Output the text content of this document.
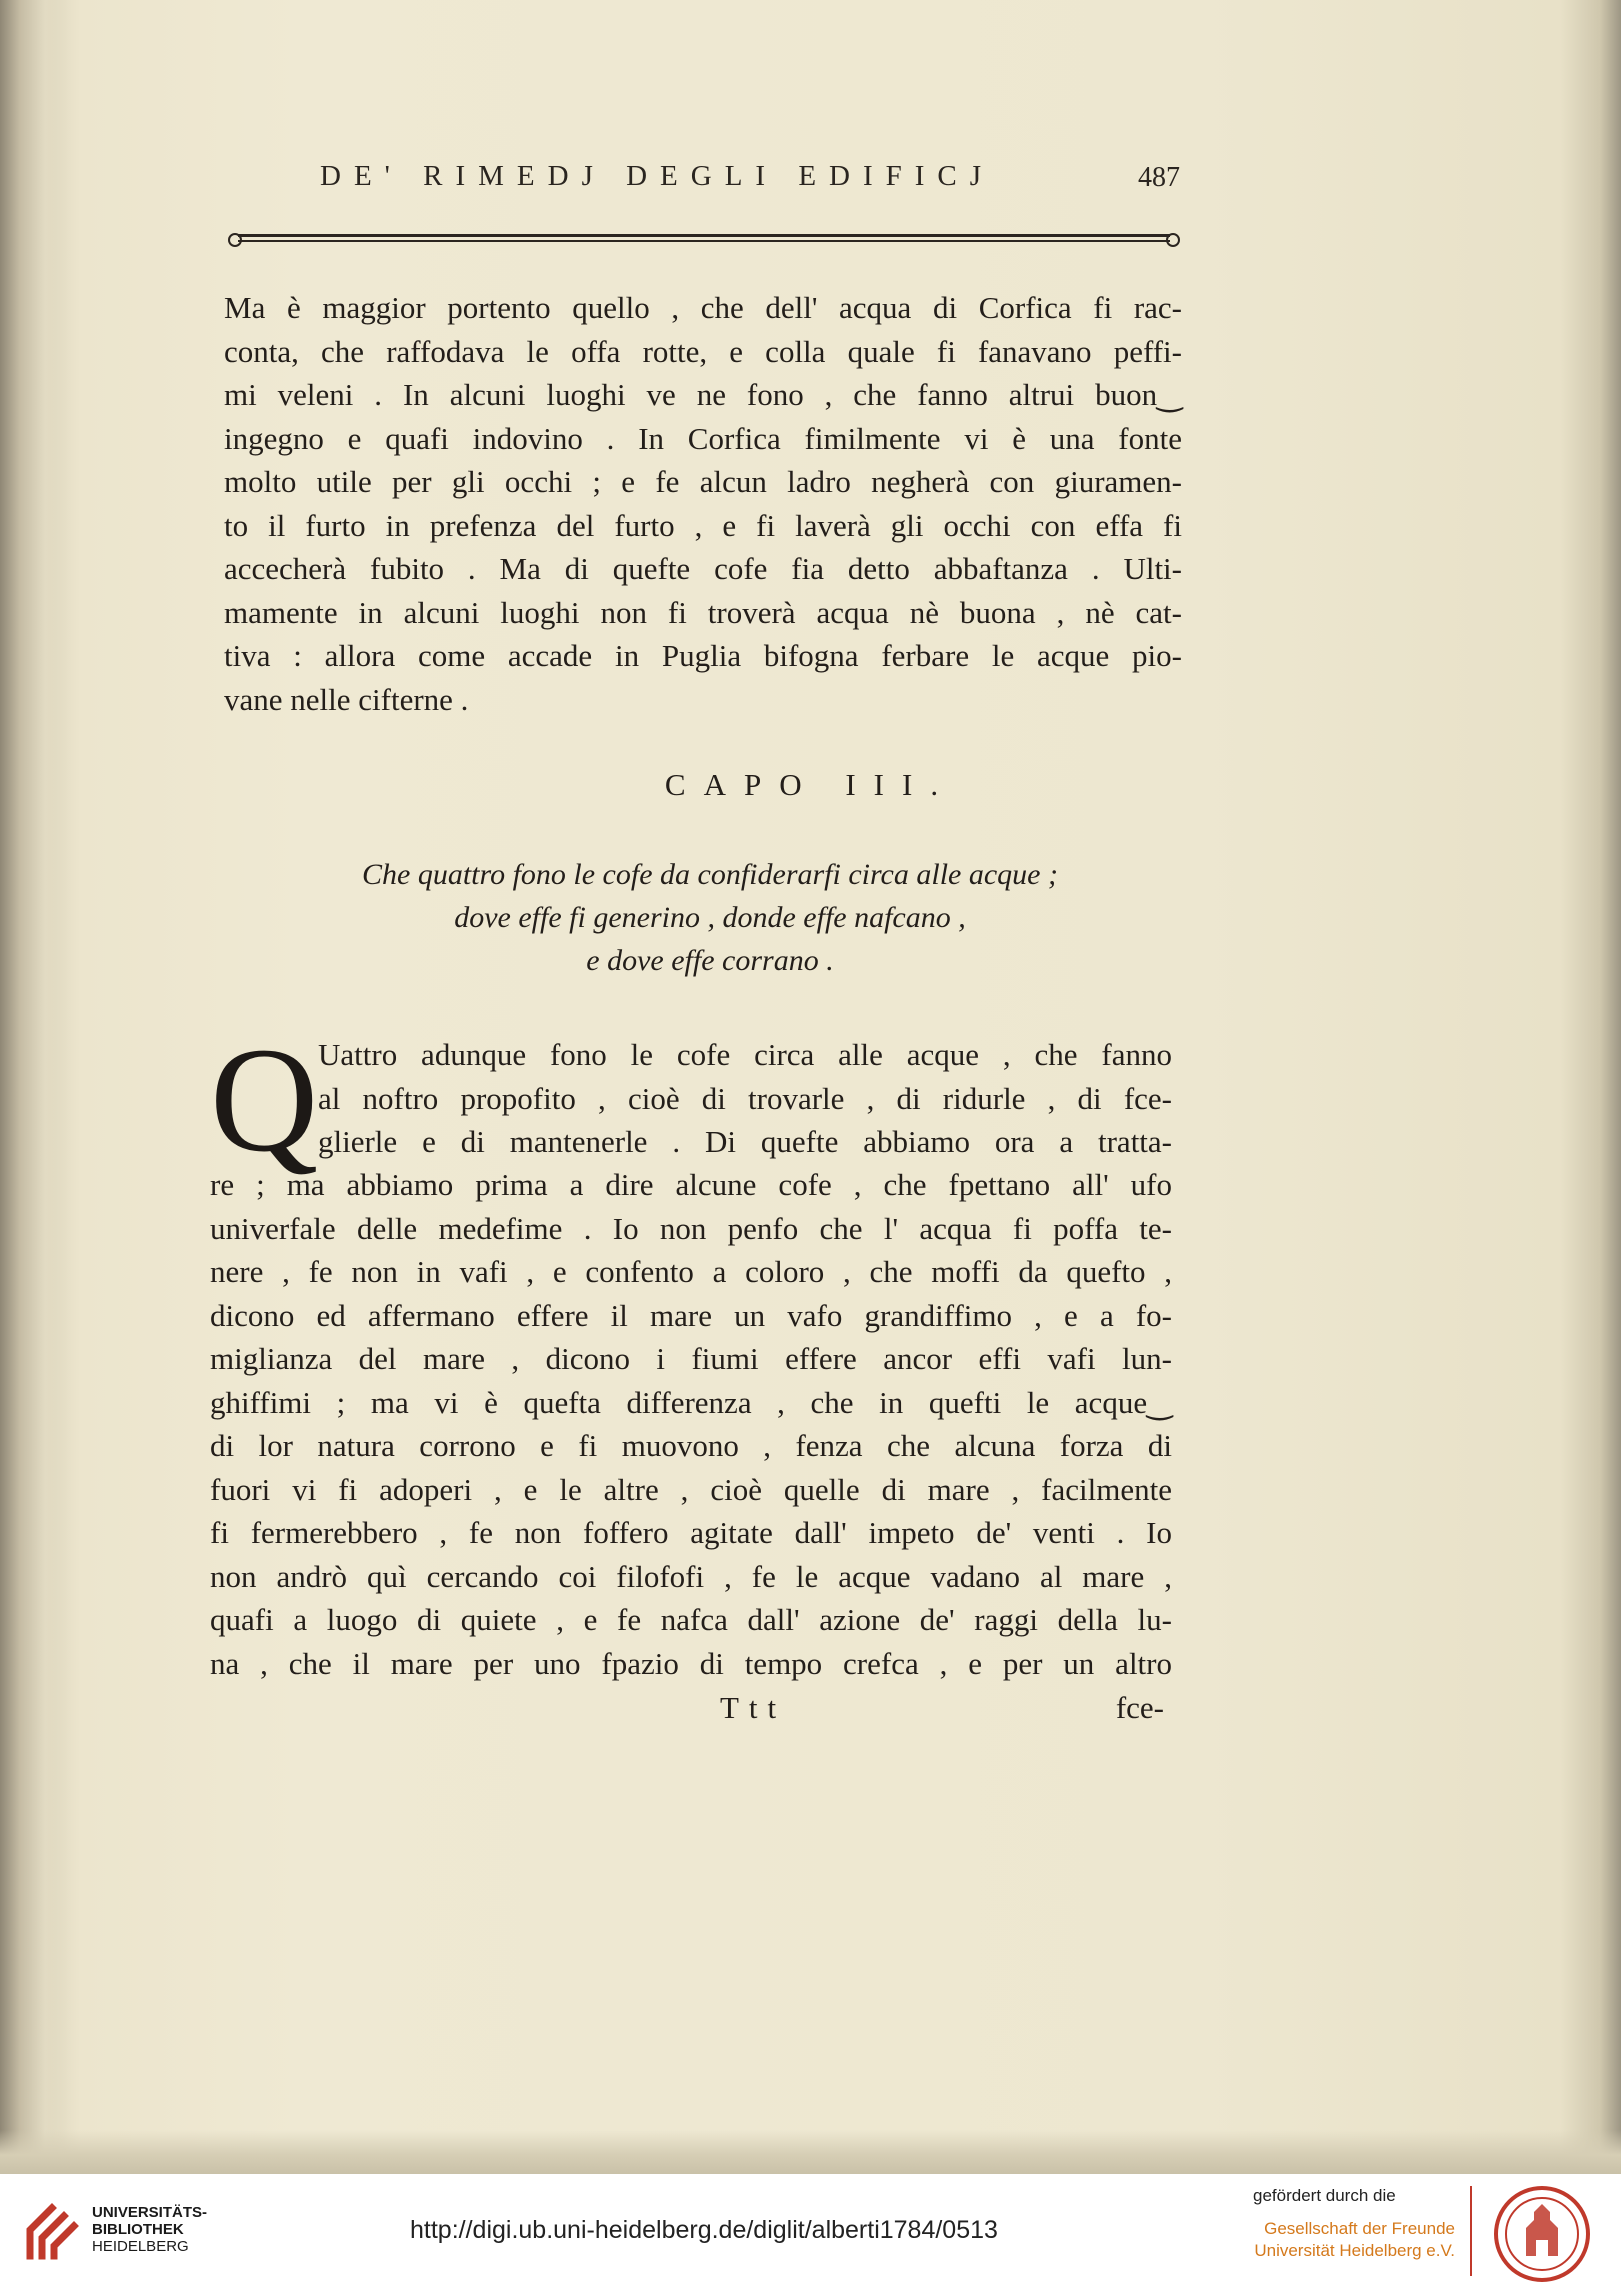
DE' RIMEDJ DEGLI EDIFICJ	487
Ma è maggior portento quello , che dell' acqua di Corfica fi rac-
conta, che raffodava le offa rotte, e colla quale fi fanavano peffi-
mi veleni . In alcuni luoghi ve ne fono , che fanno altrui buon‿
ingegno e quafi indovino . In Corfica fimilmente vi è una fonte
molto utile per gli occhi ; e fe alcun ladro negherà con giuramen-
to il furto in prefenza del furto , e fi laverà gli occhi con effa fi
accecherà fubito . Ma di quefte cofe fia detto abbaftanza . Ulti-
mamente in alcuni luoghi non fi troverà acqua nè buona , nè cat-
tiva : allora come accade in Puglia bifogna ferbare le acque pio-
vane nelle cifterne .
CAPO III.
Che quattro fono le cofe da confiderarfi circa alle acque ;
dove effe fi generino , donde effe nafcano ,
e dove effe corrano .
Q Uattro adunque fono le cofe circa alle acque , che fanno
al noftro propofito , cioè di trovarle , di ridurle , di fce-
glierle e di mantenerle . Di quefte abbiamo ora a tratta-
re ; ma abbiamo prima a dire alcune cofe , che fpettano all' ufo
univerfale delle medefime . Io non penfo che l' acqua fi poffa te-
nere , fe non in vafi , e confento a coloro , che moffi da quefto ,
dicono ed affermano effere il mare un vafo grandiffimo , e a fo-
miglianza del mare , dicono i fiumi effere ancor effi vafi lun-
ghiffimi ; ma vi è quefta differenza , che in quefti le acque‿
di lor natura corrono e fi muovono , fenza che alcuna forza di
fuori vi fi adoperi , e le altre , cioè quelle di mare , facilmente
fi fermerebbero , fe non foffero agitate dall' impeto de' venti . Io
non andrò quì cercando coi filofofi , fe le acque vadano al mare ,
quafi a luogo di quiete , e fe nafca dall' azione de' raggi della lu-
na , che il mare per uno fpazio di tempo crefca , e per un altro
Ttt	fce-
UNIVERSITÄTS-
BIBLIOTHEK
HEIDELBERG
http://digi.ub.uni-heidelberg.de/diglit/alberti1784/0513
gefördert durch die
Gesellschaft der Freunde
Universität Heidelberg e.V.
